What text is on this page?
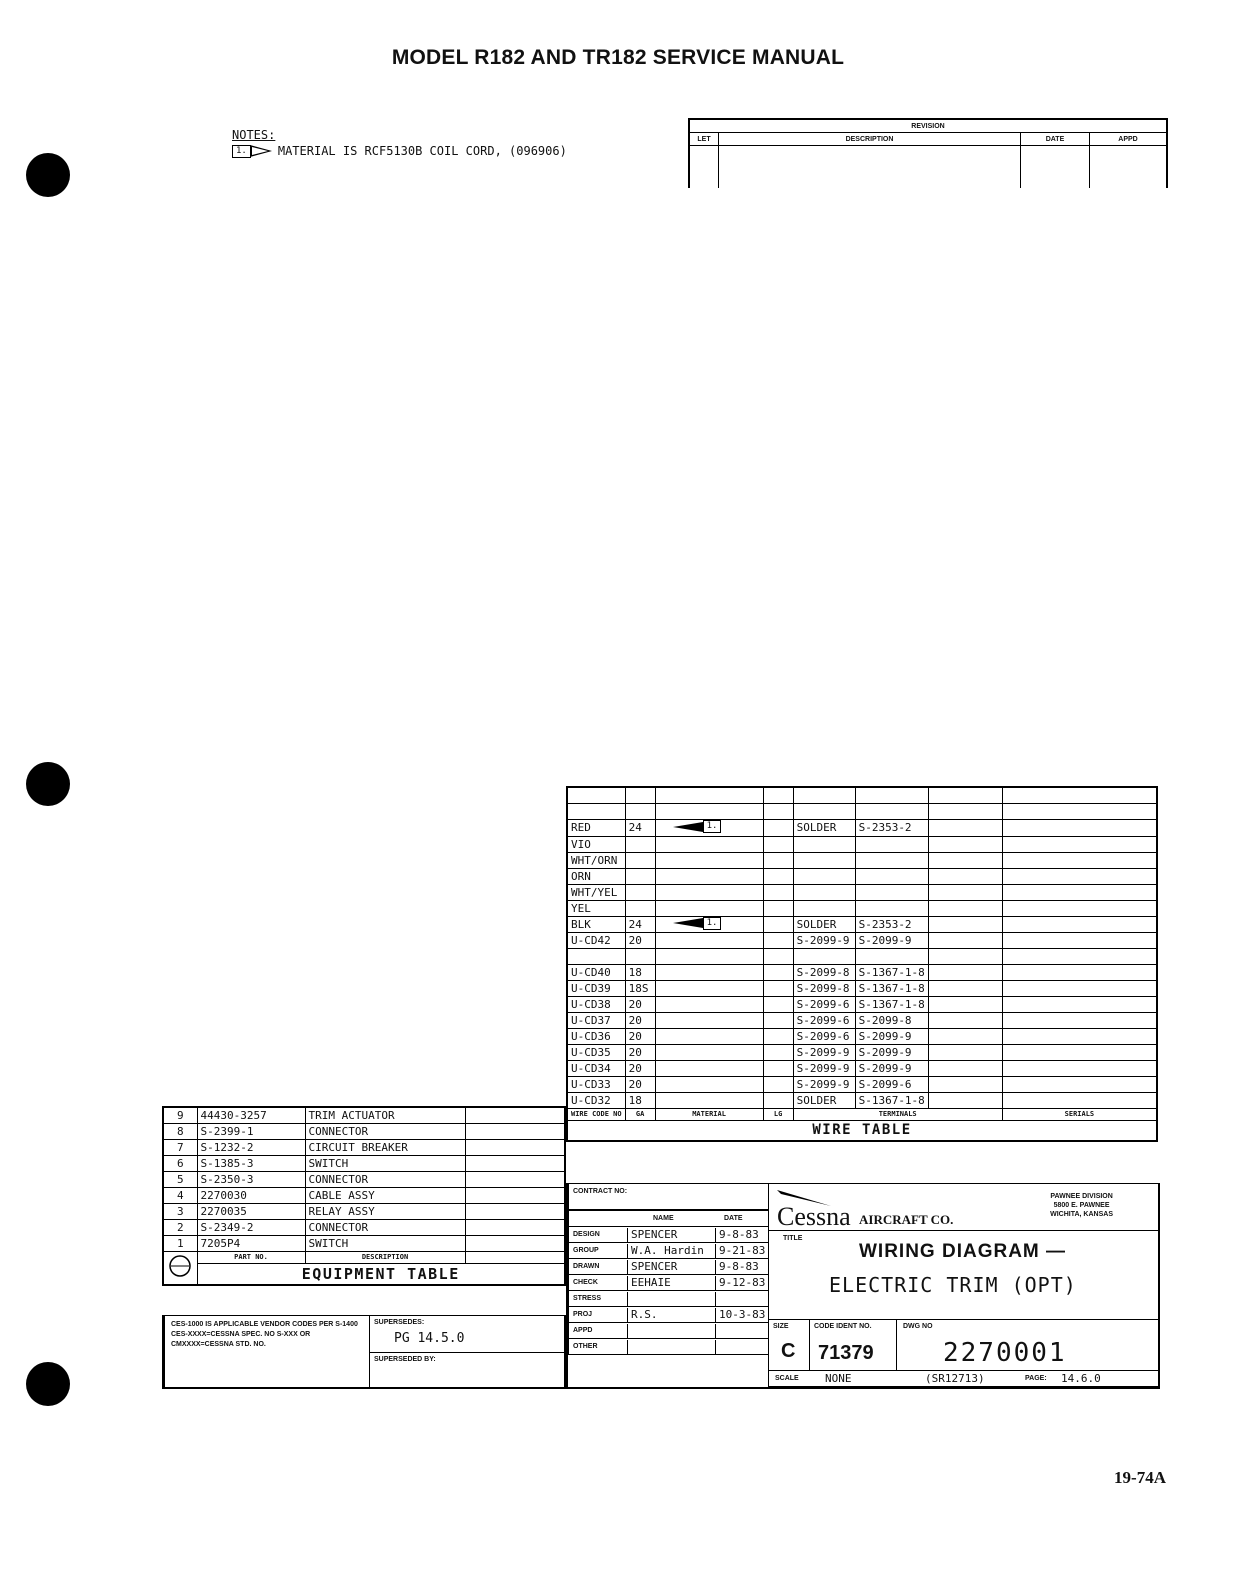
MODEL R182 AND TR182 SERVICE MANUAL
NOTES:
1.	MATERIAL IS RCF5130B COIL CORD, (096906)
REVISION			
LET	DESCRIPTION	DATE	APPD

RED	24	1.		SOLDER	S-2353-2		
VIO							
WHT/ORN							
ORN							
WHT/YEL							
YEL							
BLK	24	1.		SOLDER	S-2353-2		
U-CD42	20			S-2099-9	S-2099-9		

U-CD40	18			S-2099-8	S-1367-1-8		
U-CD39	18S			S-2099-8	S-1367-1-8		
U-CD38	20			S-2099-6	S-1367-1-8		
U-CD37	20			S-2099-6	S-2099-8		
U-CD36	20			S-2099-6	S-2099-9		
U-CD35	20			S-2099-9	S-2099-9		
U-CD34	20			S-2099-9	S-2099-9		
U-CD33	20			S-2099-9	S-2099-6		
U-CD32	18			SOLDER	S-1367-1-8		
WIRE CODE NO	GA	MATERIAL	LG	TERMINALS			SERIALS
WIRE TABLE							
9	44430-3257	TRIM ACTUATOR	
8	S-2399-1	CONNECTOR	
7	S-1232-2	CIRCUIT BREAKER	
6	S-1385-3	SWITCH	
5	S-2350-3	CONNECTOR	
4	2270030	CABLE ASSY	
3	2270035	RELAY ASSY	
2	S-2349-2	CONNECTOR	
1	7205P4	SWITCH	
	PART NO.	DESCRIPTION	
	EQUIPMENT TABLE		
CES-1000 IS APPLICABLE VENDOR CODES PER S-1400 CES-XXXX=CESSNA SPEC. NO S-XXX OR CMXXXX=CESSNA STD. NO.
SUPERSEDES:
PG 14.5.0
SUPERSEDED BY:
CONTRACT NO:
NAME	DATE
DESIGN	SPENCER	9-8-83
GROUP	W.A. Hardin	9-21-83
DRAWN	SPENCER	9-8-83
CHECK	EEHAIE	9-12-83
STRESS
PROJ	R.S.	10-3-83
APPD
OTHER
Cessna AIRCRAFT CO.
PAWNEE DIVISION
5800 E. PAWNEE
WICHITA, KANSAS
TITLE
WIRING DIAGRAM —
ELECTRIC TRIM (OPT)
SIZE
C
CODE IDENT NO.
71379
DWG NO
2270001
SCALE NONE	(SR12713)	PAGE: 14.6.0
19-74A
